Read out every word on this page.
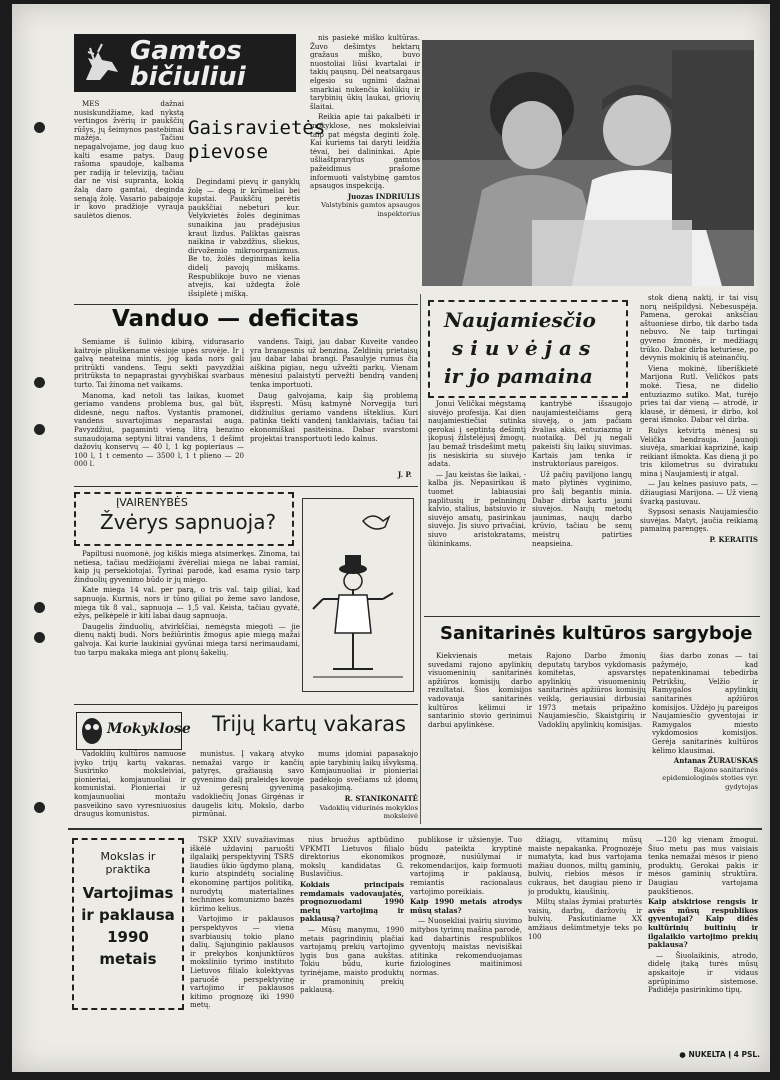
Gamtos bičiuliui

MES dažnai nusiskundžiame, kad nykstą vertingos žvėrių ir paukščių rūšys, jų šeimynos pastebimai mažėja. Tačiau nepagalvojame, jog daug kuo kalti esame patys. Daug rašoma spaudoje, kalbama per radiją ir televiziją, tačiau dar ne visi supranta, kokią žalą daro gamtai, deginda senąją žolę. Vasario pabaigoje ir kovo pradžioje vyrauja saulėtos dienos.

Gaisravietės pievose

Degindami pievų ir ganyklų žolę — degą ir krūmeliai bei kupstai. Paukščių perėtis paukščiai nebeturi kur. Velykvietės žolės deginimas sunaikina jau pradėjusius kraut lizdus. Paliktas gaisras naikina ir vabzdžius, sliekus, dirvožemio mikroorganizmus. Be to, žolės deginimas kelia didelį pavojų miškams. Respublikoje buvo ne vienas atvejis, kai uždegta žolė išsiplėtė į mišką.

nis pasiekė miško kultūras. Žuvo dešimtys hektarų gražaus miško, buvo nuostoliai liūsi kvartalai ir takių paųsnų. Dėl neatsargaus elgesio su ugnimi dažnai smarkiai nukenčia kolūkių ir tarybinių ūkių laukai, griovių šlaitai.

Reikia apie tai pakalbėti ir mokyklose, nes moksleiviai taip pat mėgsta deginti žolę. Kai kuriems tai daryti leidžia tėvai, bei dalininkai. Apie ušliaštprarytus gamtos pažeidimus prašome informuoti valstybinę gamtos apsaugos inspekciją.

Juozas INDRIULIS
Valstybinis gamtos apsaugos inspektorius
Vanduo — deficitas

Semiame iš šulinio kibirą, vidurasario kaitroje pliuškename vėsioje upės srovėje. Ir į galvą neateina mintis, jog kada nors gali pritrūkti vandens. Tegu sekti pavyzdžiai pritrūksta to nepaprastai gyvybiškai svarbaus turto. Tai žinoma net vaikams.

Manoma, kad netoli tas laikas, kuomet geriamo vandens problema bus, gal būt, didesnė, negu naftos. Vystantis pramonei, vandens suvartojimas neparastai auga. Pavyzdžiui, pagaminti vieną litrą benzino sunaudojama septyni litrai vandens, 1 dešimt dažovių konservų — 40 l, 1 kg popieriaus — 100 l, 1 t cemento — 3500 l, 1 t plieno — 20 000 l.

vandens. Taigi, jau dabar Kuveite vandeo yra brangesnis už benziną. Zeldinių prietaisų jau dabar labai brangi. Pasaulyje rumus čia aiškina pigiau, negu užvežti parkų. Vienam mėnesiui palaistyti pervežti bendrą vandenį tenka importuoti.

Daug galvojama, kaip šią problemą išspręsti. Mūsų katmynė Norvegija turi didžiulius geriamo vandens išteklius. Kuri patinka tiekti vandenį tanklaiviais, tačiau tai ekonomiškai pasiteisina. Dabar svarstomi projektai transportuoti ledo kalnus.

J. P.
ĮVAIRENYBĖS
Žvėrys sapnuoja?

Papiltusi nuomonė, jog kiškis miega atsimerkęs. Zinoma, tai netiesa, tačiau medžiojami žvėreliai miega ne labai ramiai, kaip jų persekiotojai. Tyrinai parodė, kad esama rysio tarp žinduolių gyvenimo būdo ir jų miego.

Kate miega 14 val. per parą, o tris val. taip giliai, kad sapnuoja. Kurmis, nors ir tūno giliai po žeme savo landose, miega tik 8 val., sapnuoja — 1,5 val. Keista, tačiau gyvatė, ežys, pelkėpelė ir kiti labai daug sapnuoja.

Daugelis žinduolių, atvirkščiai, nemėgsta miegoti — jie dienų naktį budi. Nors bežiūrintis žmogus apie miegą mažai galvoja. Kai kurie laukiniai gyvūnai miega tarsi nerimaudami, tuo tarpu makaka miega ant plonų šakelių.

Mokyklose Trijų kartų vakaras

Vadokliių kultūros namuose įvyko trijų kartų vakaras. Susirinko moksleiviai, pionieriai, komjaunuoliai ir komunistai. Pionieriai ir komjaunuoliai montažu pasveikino savo vyresniuosius draugus komunistus.

munistus. Į vakarą atvyko nemažai vargo ir kančių patyręs, gražiausią savo gyvenimo dalį praleidęs kovoje už geresnį gyvenimą vadokliečių Jonas Girgėnas ir daugelis kitų. Mokslo, darbo pirmūnai.

mums įdomiai papasakojo apie tarybinių laikų išvyksmą. Komjaunuoliai ir pionieriai padėkojo svečiams už įdomų pasakojimą.

R. STANIKONAITĖ
Vadoklių vidurinės mokyklos moksleivė
Naujamiesčio
siuvėjas
ir jo pamaina

Jonui Veličkai mėgstamą siuvėjo profesija. Kai dien naujamiestiečiai sutinka gerokai į septintą dešimtį įkopusį žilstelėjusį žmogų. Jau bemaž trisdešimt metų jis nesiskiria su siuvėjo adata.

— Jau keistas šie laikai, - kalba jis. Nepasirikau iš tuomet labiausiai paplitusių ir pelnningų kalvio, stalius, batsiuvio ir siuvėjo amatų, pasirinkau siuvėjo. Jis siuvo privačiai, siuvo aristokratams, ūkininkams.

kantrybė išsaugojo naujamiesteičiams gerą siuvėją, o jam pačiam žvalias akis, entuziazmą ir nuotaiką. Dėl jų negali pakeisti šių laikų siuvimas. Kartais jam tenka ir instruktoriaus pareigos.

Už pačių paviljono langų mato plytinės vyginimo, pro šalį begantis minia. Dabar dirba kartu jauni siuvėjos. Naujų metodų jaunimas, naujų darbo krūvio, tačiau be senų meistrų patirties neapsieina.

stok dieną naktį, ir tai visų norų neišpildysi. Nebesuspėja. Pamena, gerokai anksčiau aštuoniese dirbo, tik darbo tada nebuvo. Ne taip turtingai gyveno žmonės, ir medžiagų trūko. Dabar dirba keturiese, po devynis mokinių iš ateinančių.

Viena mokinė, liberiškietė Marijona Rutl. Veličkos pats mokė. Tiesa, ne didelio entuziazmo sutiko. Mat, turėjo pries tai dar vieną — atrodė, ir klausė, ir dėmesi, ir dirbo, kol gerai išmoko. Dabar vėl dirba.

Rulys ketvirtą mėnesį su Velička bendrauja. Jaunoji siuvėja, smarkiai kaprizinė, kaip reikiant išmokta. Kas dieną ji po tris kilometrus su dviratuku mina į Naujamiestį ir atgal.

— Jau kelnes pasiuvo pats, — džiaugiasi Marijona. — Už vieną švarką pasiuvau.

Sypsosi senasis Naujamiesčio siuvėjas. Matyt, jaučia reikiamą pamainą parengęs.

P. KERAITIS
Sanitarinės kultūros sargyboje

Kiekvienais metais suvedami rajono apylinkių visuomeninių sanitarinės apžiūros komisijų darbo rezultatai. Šios komisijos vadovauja sanitarinės kultūros kėlimui ir santarinio stovio gerinimui darbui apylinkėse.

Rajono Darbo žmonių deputatų tarybos vykdomasis komitetas, apsvarstęs apylinkių visuomeninių sanitarinės apžiūros komisijų veiklą, geriausiai dirbusiai 1973 metais pripažino Naujamiesčio, Skaistgirių ir Vadoklių apylinkių komisijas.

šias darbo zonas — tai pažymėjo, kad nepatenkinamai tebedirba Petrikšių, Velžio ir Ramygalos apylinkių sanitarinės apžiūros komisijos. Uždėjo jų pareigos Naujamiesčio gyventojai ir Ramygalos miesto vykdomosios komisijos. Gerėja sanitarinės kultūros kėlimo klausimai.

Antanas ŽURAUSKAS
Rajono sanitarinės epidemiologinės stoties vyr. gydytojas
Mokslas ir
praktika
Vartojimas
ir paklausa
1990
metais

TSKP XXIV suvažiavimas iškėlė uždavinį paruošti ilgalaikį perspektyvinį TSRS liaudies ūkio ūgdymo planą, kurio atspindėtų socialinę ekonominę partijos politiką, nurodytų materialines technines komunizmo bazės kūrimo kelius.

Vartojimo ir paklausos perspektyvos — viena svarbiausių tokio plano dalių. Sąjunginio paklausos ir prekybos konjunktūros moksliniio tyrimo instituto Lietuvos filialo kolektyvas paruošė perspektyvinę vartojimo ir paklausos kitimo prognozę iki 1990 metų.

nius bruožus aptbūdino VPKMTI Lietuvos filialo direktorius ekonomikos mokslų kandidatas G. Buslavičius.

Kokiais principais remdamais vadovaujatės, prognozuodami 1990 metų vartojimą ir paklausą?

— Mūsų manymu, 1990 metais pagrindinių plačiai vartojamų prekių vartojimo lygis bus gana aukštas. Tokiu būdu, kurie tyrinėjame, maisto produktų ir pramoninių prekių paklausą.

publikose ir užsienyje. Tuo būdu pateikta kryptinė prognozė, nusiūlymai ir rekomendacijos, kaip formuoti vartojimą ir paklausą, remiantis racionalaus vartojimo poreikiais.

Kaip 1990 metais atrodys mūsų stalas?

— Nuosekliai įvairių siuvimo mitybos tyrimų mašina parodė, kad dabartinis respublikos gyventojų maistas nevisiškai atitinka rekomenduojamas fiziologines maitinimosi normas.

džiagų, vitaminų mūsų maiste nepakanka. Prognozėje numatyta, kad bus vartojama mažiau duonos, miltų gaminių, bulvių, riebios mėsos ir cukraus, bet daugiau pieno ir jo produktų, kiaušinių.

Miltų stalas žymiai praturtės vaisių, darbų, daržovių ir bulvių. Paskutiniame XX amžiaus dešimtmetyje teks po 100

—120 kg vienam žmogui. Šiuo metu pas mus vaisiais tenka nemažai mėsos ir pieno produktų. Gerokai pakis ir mėsos gaminių struktūra. Daugiau vartojama paukštienos.

Kaip atskiriose rengsis ir avės mūsų respublikos gyventojai? Kaip didės kultūrinių buitinių ir ilgalaikio vartojimo prekių paklausa?

— Šiuolaikinis, atrodo, didelę įtaką turės mūsų apskaitoje ir vidaus aprūpinimo sistemose. Padidėja pasirinkimo tipų.

● NUKELTA Į 4 PSL.
